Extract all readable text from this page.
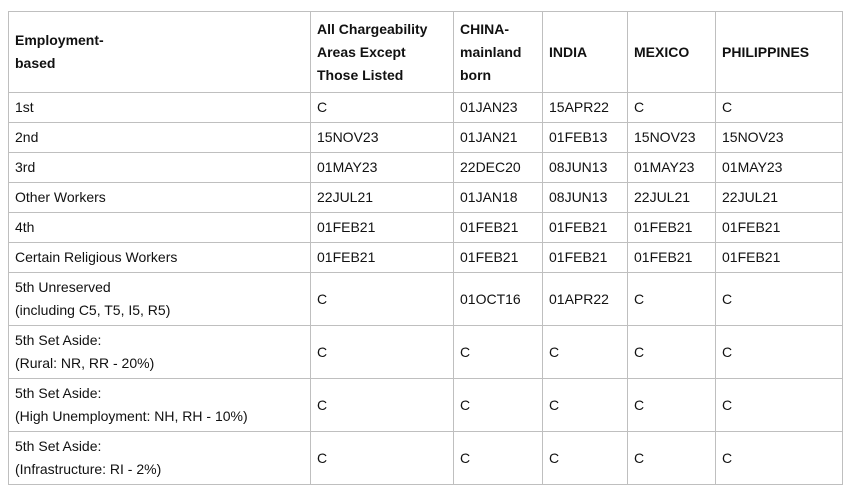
Employment-
based	All Chargeability
Areas Except
Those Listed	CHINA-
mainland
born	INDIA	MEXICO	PHILIPPINES
1st	C	01JAN23	15APR22	C	C
2nd	15NOV23	01JAN21	01FEB13	15NOV23	15NOV23
3rd	01MAY23	22DEC20	08JUN13	01MAY23	01MAY23
Other Workers	22JUL21	01JAN18	08JUN13	22JUL21	22JUL21
4th	01FEB21	01FEB21	01FEB21	01FEB21	01FEB21
Certain Religious Workers	01FEB21	01FEB21	01FEB21	01FEB21	01FEB21
5th Unreserved
(including C5, T5, I5, R5)	C	01OCT16	01APR22	C	C
5th Set Aside:
(Rural: NR, RR - 20%)	C	C	C	C	C
5th Set Aside:
(High Unemployment: NH, RH - 10%)	C	C	C	C	C
5th Set Aside:
(Infrastructure: RI - 2%)	C	C	C	C	C
